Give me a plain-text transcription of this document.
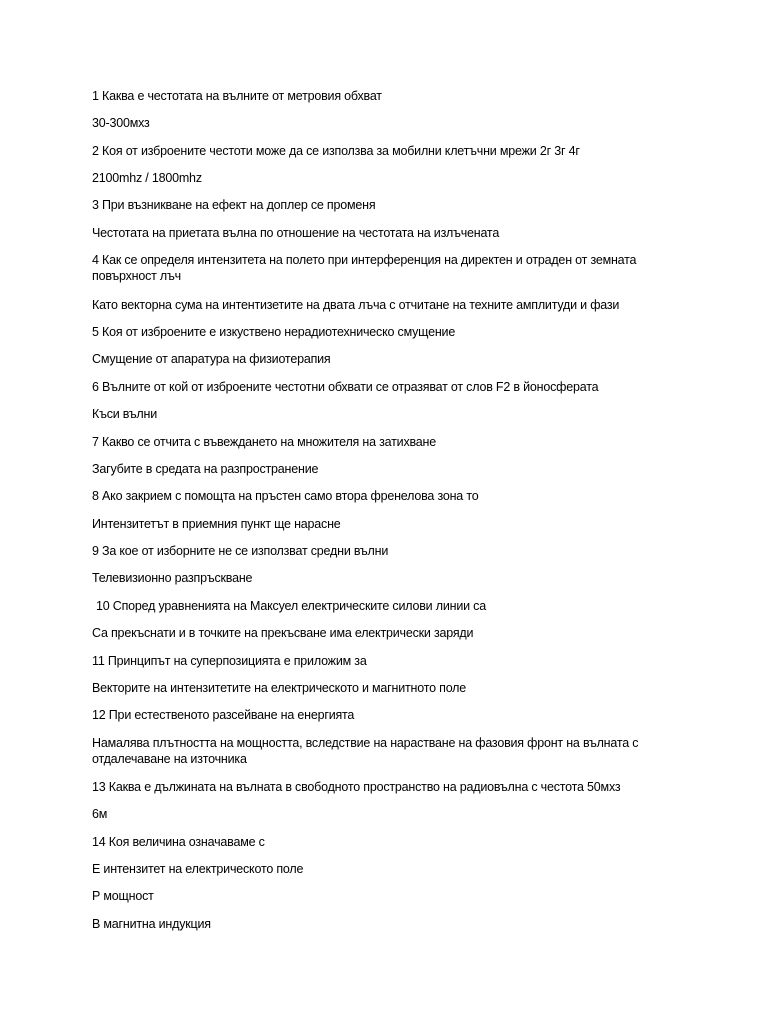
1 Каква е честотата на вълните от метровия обхват
30-300мхз
2 Коя от изброените честоти може да се използва за мобилни клетъчни мрежи 2г 3г 4г
2100mhz / 1800mhz
3 При възникване на ефект на доплер се променя
Честотата на приетата вълна по отношение на честотата на излъчената
4 Как се определя интензитета на полето при интерференция на директен и отраден от земната повърхност лъч
Като векторна сума на интентизетите на двата лъча с отчитане на техните амплитуди и фази
5 Коя от изброените е изкуствено нерадиотехническо смущение
Смущение от апаратура на физиотерапия
6 Вълните от кой от изброените честотни обхвати се отразяват от слов F2 в йоносферата
Къси вълни
7 Какво се отчита с въвеждането на множителя на затихване
Загубите в средата на разпространение
8 Ако закрием с помощта на пръстен само втора френелова зона то
Интензитетът в приемния пункт ще нарасне
9 За кое от изборните не се използват средни вълни
Телевизионно разпръскване
10 Според уравненията на Максуел електрическите силови линии са
Са прекъснати и в точките на прекъсване има електрически заряди
11 Принципът на суперпозицията е приложим за
Векторите на интензитетите на електрическото и магнитното поле
12 При естественото разсейване на енергията
Намалява плътността на мощността, вследствие на нарастване на фазовия фронт на вълната с отдалечаване на източника
13 Каква е дължината на вълната в свободното пространство на радиовълна с честота 50мхз
6м
14 Коя величина означаваме с
Е интензитет на електрическото поле
Р мощност
В магнитна индукция
